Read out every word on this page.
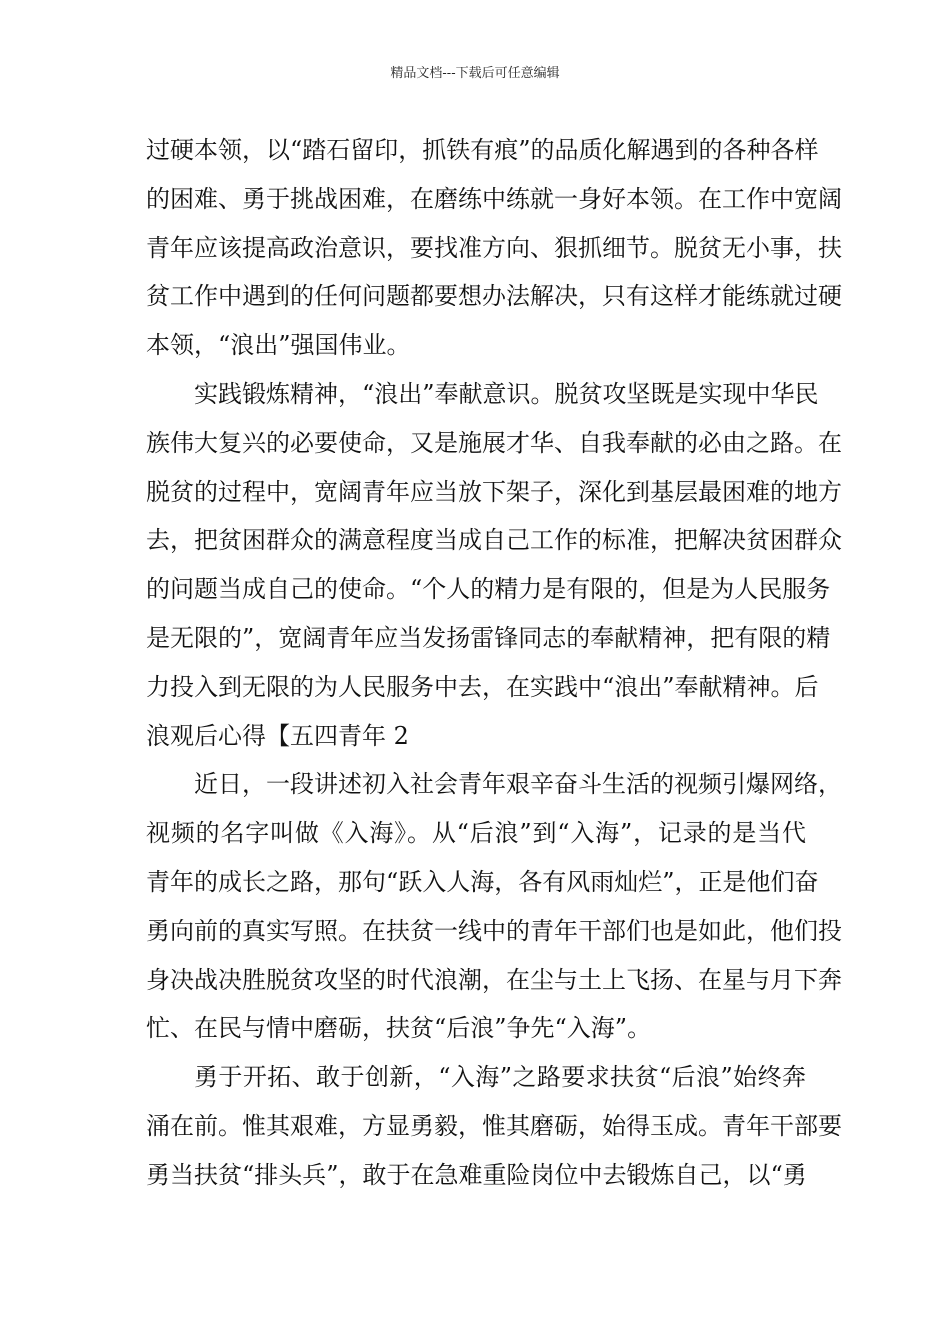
精品文档---下载后可任意编辑
过硬本领，以“踏石留印，抓铁有痕”的品质化解遇到的各种各样
的困难、勇于挑战困难，在磨练中练就一身好本领。在工作中宽阔
青年应该提高政治意识，要找准方向、狠抓细节。脱贫无小事，扶
贫工作中遇到的任何问题都要想办法解决，只有这样才能练就过硬
本领，“浪出”强国伟业。
实践锻炼精神，“浪出”奉献意识。脱贫攻坚既是实现中华民
族伟大复兴的必要使命，又是施展才华、自我奉献的必由之路。在
脱贫的过程中，宽阔青年应当放下架子，深化到基层最困难的地方
去，把贫困群众的满意程度当成自己工作的标准，把解决贫困群众
的问题当成自己的使命。“个人的精力是有限的，但是为人民服务
是无限的”，宽阔青年应当发扬雷锋同志的奉献精神，把有限的精
力投入到无限的为人民服务中去，在实践中“浪出”奉献精神。后
浪观后心得【五四青年 2
近日，一段讲述初入社会青年艰辛奋斗生活的视频引爆网络，
视频的名字叫做《入海》。从“后浪”到“入海”，记录的是当代
青年的成长之路，那句“跃入人海，各有风雨灿烂”，正是他们奋
勇向前的真实写照。在扶贫一线中的青年干部们也是如此，他们投
身决战决胜脱贫攻坚的时代浪潮，在尘与土上飞扬、在星与月下奔
忙、在民与情中磨砺，扶贫“后浪”争先“入海”。
勇于开拓、敢于创新，“入海”之路要求扶贫“后浪”始终奔
涌在前。惟其艰难，方显勇毅，惟其磨砺，始得玉成。青年干部要
勇当扶贫“排头兵”，敢于在急难重险岗位中去锻炼自己，以“勇
